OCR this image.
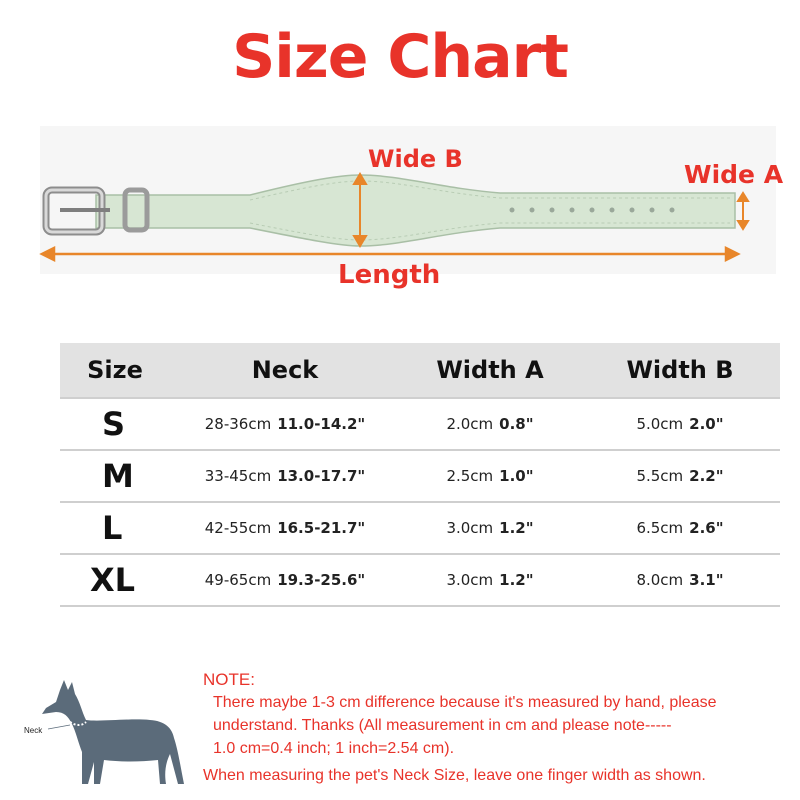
Size Chart
Wide B
Wide A
Length
Size	Neck	Width A	Width B
S	28-36cm 11.0-14.2"	2.0cm 0.8"	5.0cm 2.0"
M	33-45cm 13.0-17.7"	2.5cm 1.0"	5.5cm 2.2"
L	42-55cm 16.5-21.7"	3.0cm 1.2"	6.5cm 2.6"
XL	49-65cm 19.3-25.6"	3.0cm 1.2"	8.0cm 3.1"
Neck
NOTE:
There maybe 1-3 cm difference because it's measured by hand, please
understand. Thanks (All measurement in cm and please note-----
1.0 cm=0.4 inch; 1 inch=2.54 cm).
When measuring the pet's Neck Size, leave one finger width as shown.
